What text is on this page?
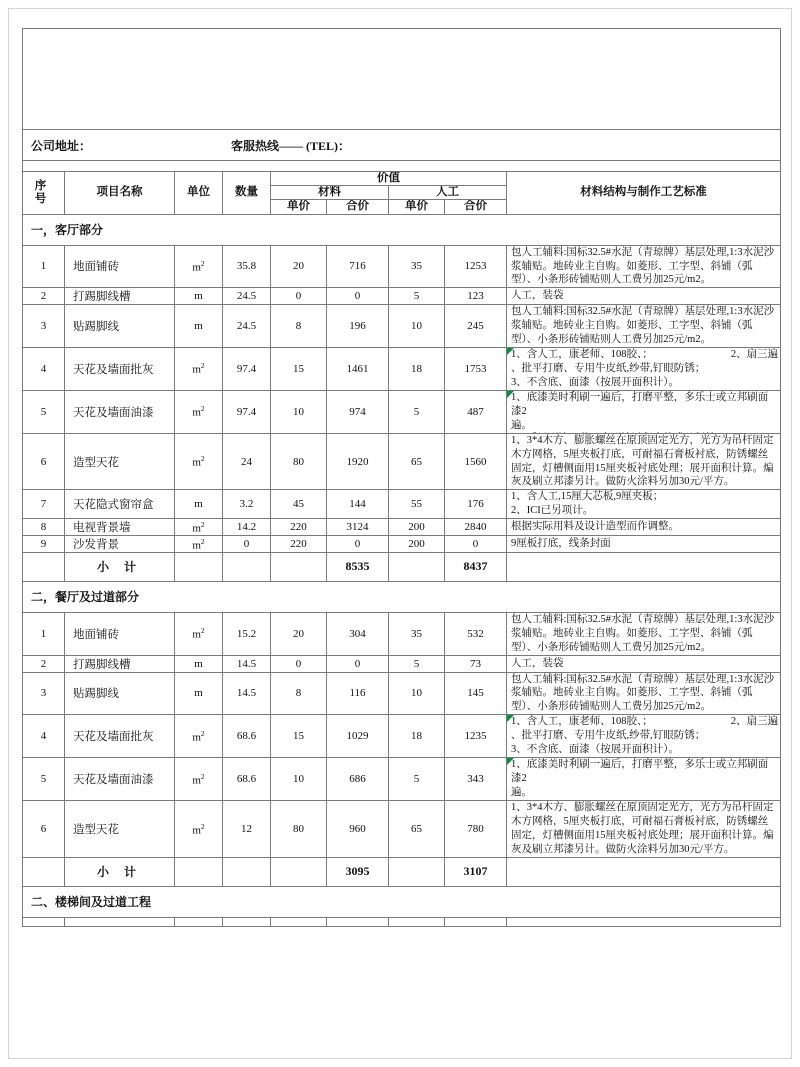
北京**装饰公司标准报价表								

公司地址： 客服热线—— (TEL)：								

序 号	项目名称	单位	数量	价值				材料结构与制作工艺标准
				材料		人工		
				单价	合价	单价	合价	
一，客厅部分								
1	地面铺砖	$m^2$	35.8	20	716	35	1253	包人工辅料:国标32.5#水泥（青琼牌）基层处理,1:3水泥沙浆辅贴。地砖业主自购。如菱形、工字型、斜铺（弧型）、小条形砖铺贴则人工费另加25元/m2。

2	打踢脚线槽	m	24.5	0	0	5	123	人工，装袋

3	贴踢脚线	m	24.5	8	196	10	245	包人工辅料:国标32.5#水泥（青琼牌）基层处理,1:3水泥沙浆辅贴。地砖业主自购。如菱形、工字型、斜铺（弧型）、小条形砖铺贴则人工费另加25元/m2。

4	天花及墙面批灰	$m^2$	97.4	15	1461	18	1753	1、含人工，康老师、108胶、； 2、扇三遍
、批平打磨、专用牛皮纸,纱带,钉眼防锈；
3、不含底、面漆（按展开面积计）。

5	天花及墙面油漆	$m^2$	97.4	10	974	5	487	1、底漆美时利刷一遍后，打磨平整，多乐士或立邦刷面漆2
遍。

6	造型天花	$m^2$	24	80	1920	65	1560	1、3*4木方、膨胀螺丝在原顶固定光方，光方为吊杆固定木方网格，5厘夹板打底，可耐福石膏板衬底，防锈螺丝固定，灯槽侧面用15厘夹板衬底处理；展开面积计算。煸灰及刷立邦漆另计。做防火涂料另加30元/平方。

7	天花隐式窗帘盒	m	3.2	45	144	55	176	1、含人工,15厘大芯板,9厘夹板；
2、ICI已另项计。

8	电视背景墙	$m^2$	14.2	220	3124	200	2840	根据实际用料及设计造型而作调整。

9	沙发背景	$m^2$	0	220	0	200	0	9厘板打底，线条封面

	小 计				8535		8437	
二，餐厅及过道部分								
1	地面铺砖	$m^2$	15.2	20	304	35	532	包人工辅料:国标32.5#水泥（青琼牌）基层处理,1:3水泥沙浆辅贴。地砖业主自购。如菱形、工字型、斜铺（弧型）、小条形砖铺贴则人工费另加25元/m2。

2	打踢脚线槽	m	14.5	0	0	5	73	人工，装袋

3	贴踢脚线	m	14.5	8	116	10	145	包人工辅料:国标32.5#水泥（青琼牌）基层处理,1:3水泥沙浆辅贴。地砖业主自购。如菱形、工字型、斜铺（弧型）、小条形砖铺贴则人工费另加25元/m2。

4	天花及墙面批灰	$m^2$	68.6	15	1029	18	1235	1、含人工，康老师、108胶、； 2、扇三遍
、批平打磨、专用牛皮纸,纱带,钉眼防锈；
3、不含底、面漆（按展开面积计）。

5	天花及墙面油漆	$m^2$	68.6	10	686	5	343	1、底漆美时利刷一遍后，打磨平整，多乐士或立邦刷面漆2
遍。

6	造型天花	$m^2$	12	80	960	65	780	1、3*4木方、膨胀螺丝在原顶固定光方，光方为吊杆固定木方网格，5厘夹板打底，可耐福石膏板衬底，防锈螺丝固定，灯槽侧面用15厘夹板衬底处理；展开面积计算。煸灰及刷立邦漆另计。做防火涂料另加30元/平方。

	小 计				3095		3107	
二、楼梯间及过道工程								
